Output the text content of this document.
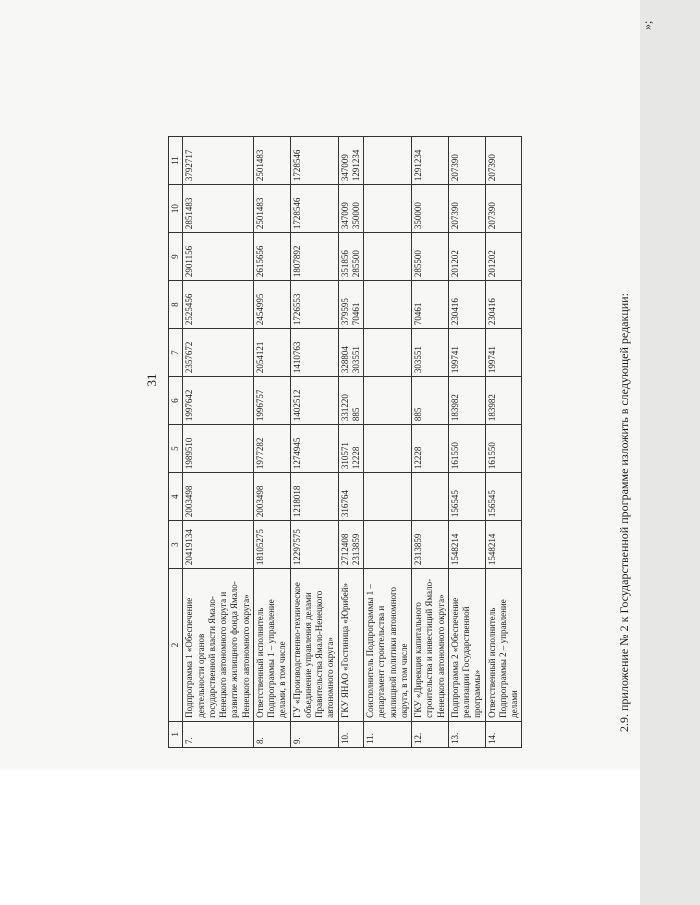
31
1	2	3	4	5	6	7	8	9	10	11
7.	Подпрограмма 1 «Обеспечение деятельности органов государственной власти Ямало-Ненецкого автономного округа и развитие жилищного фонда Ямало-Ненецкого автономного округа»	20419134	2003498	1989510	1997642	2357672	2525456	2901156	2851483	3792717

8.	Ответственный исполнитель Подпрограммы 1 – управление делами, в том числе	18105275	2003498	1977282	1996757	2054121	2454995	2615656	2501483	2501483

9.	ГУ «Производственно-техническое объединение управления делами Правительства Ямало-Ненецкого автономного округа»	12297575	1218018	1274945	1402512	1410763	1726553	1807892	1728546	1728546

10.	ГКУ ЯНАО «Гостиница «Юрибей»	2712408 2313859	316764	310571 12228	331220 885	328804 303551	379595 70461	351856 285500	347009 350000	347009 1291234

11.	Соисполнитель Подпрограммы 1 – департамент строительства и жилищной политики автономного округа, в том числе	

12.	ГКУ «Дирекция капитального строительства и инвестиций Ямало-Ненецкого автономного округа»	2313859		12228	885	303551	70461	285500	350000	1291234

13.	Подпрограмма 2 «Обеспечение реализации Государственной программы»	1548214	156545	161550	183982	199741	230416	201202	207390	207390

14.	Ответственный исполнитель Подпрограммы 2 – управление делами	1548214	156545	161550	183982	199741	230416	201202	207390	207390
2.9. приложение № 2 к Государственной программе изложить в следующей редакции:
»;
